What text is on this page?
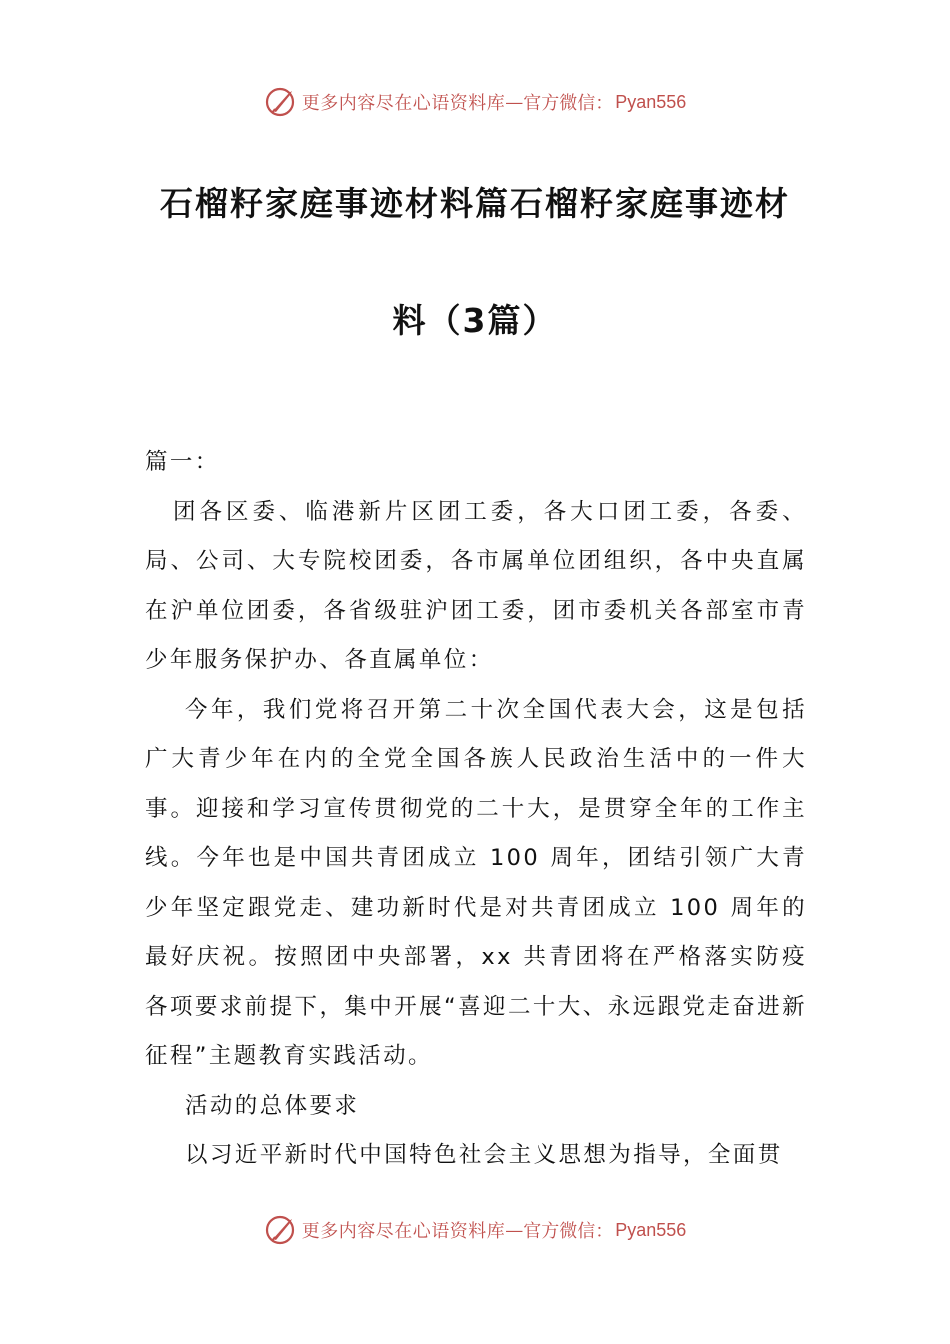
更多内容尽在心语资料库 — 官方微信： Pyan556
石榴籽家庭事迹材料篇石榴籽家庭事迹材
料（3篇）

篇一：

团各区委、临港新片区团工委，各大口团工委，各委、局、公司、大专院校团委，各市属单位团组织，各中央直属在沪单位团委，各省级驻沪团工委，团市委机关各部室市青少年服务保护办、各直属单位：

今年，我们党将召开第二十次全国代表大会，这是包括广大青少年在内的全党全国各族人民政治生活中的一件大事。迎接和学习宣传贯彻党的二十大，是贯穿全年的工作主线。今年也是中国共青团成立 100 周年，团结引领广大青少年坚定跟党走、建功新时代是对共青团成立 100 周年的最好庆祝。按照团中央部署，xx 共青团将在严格落实防疫各项要求前提下，集中开展“喜迎二十大、永远跟党走奋进新征程”主题教育实践活动。

活动的总体要求

以习近平新时代中国特色社会主义思想为指导，全面贯

更多内容尽在心语资料库 — 官方微信： Pyan556
